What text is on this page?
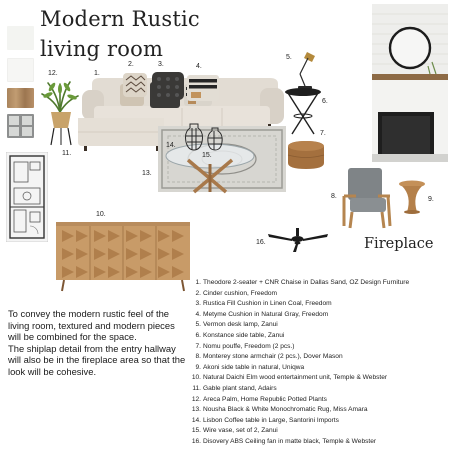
Modern Rustic
living room
1.
2.	3.	4.
5.
6.
7.
8.	9.
10.
11.
12.
13.
14.
15.
16.	Fireplace

To convey the modern rustic feel of the living room, textured and modern pieces will be combined for the space.

The shiplap detail from the entry hallway will also be in the fireplace area so that the look will be cohesive.

1. Theodore 2-seater + CNR Chaise in Dallas Sand, OZ Design Furniture
2. Cinder cushion, Freedom
3. Rustica Fill Cushion in Linen Coal, Freedom
4. Metyme Cushion in Natural Gray, Freedom
5. Vermon desk lamp, Zanui
6. Konstance side table, Zanui
7. Nomu pouffe, Freedom (2 pcs.)
8. Monterey stone armchair (2 pcs.), Dover Mason
9. Akoni side table in natural, Uniqwa
10. Natural Daichi Elm wood entertainment unit, Temple & Webster
11. Gable plant stand, Adairs
12. Areca Palm, Home Republic Potted Plants
13. Nousha Black & White Monochromatic Rug, Miss Amara
14. Lisbon Coffee table in Large, Santorini Imports
15. Wire vase, set of 2, Zanui
16. Disovery ABS Ceiling fan in matte black, Temple & Webster
